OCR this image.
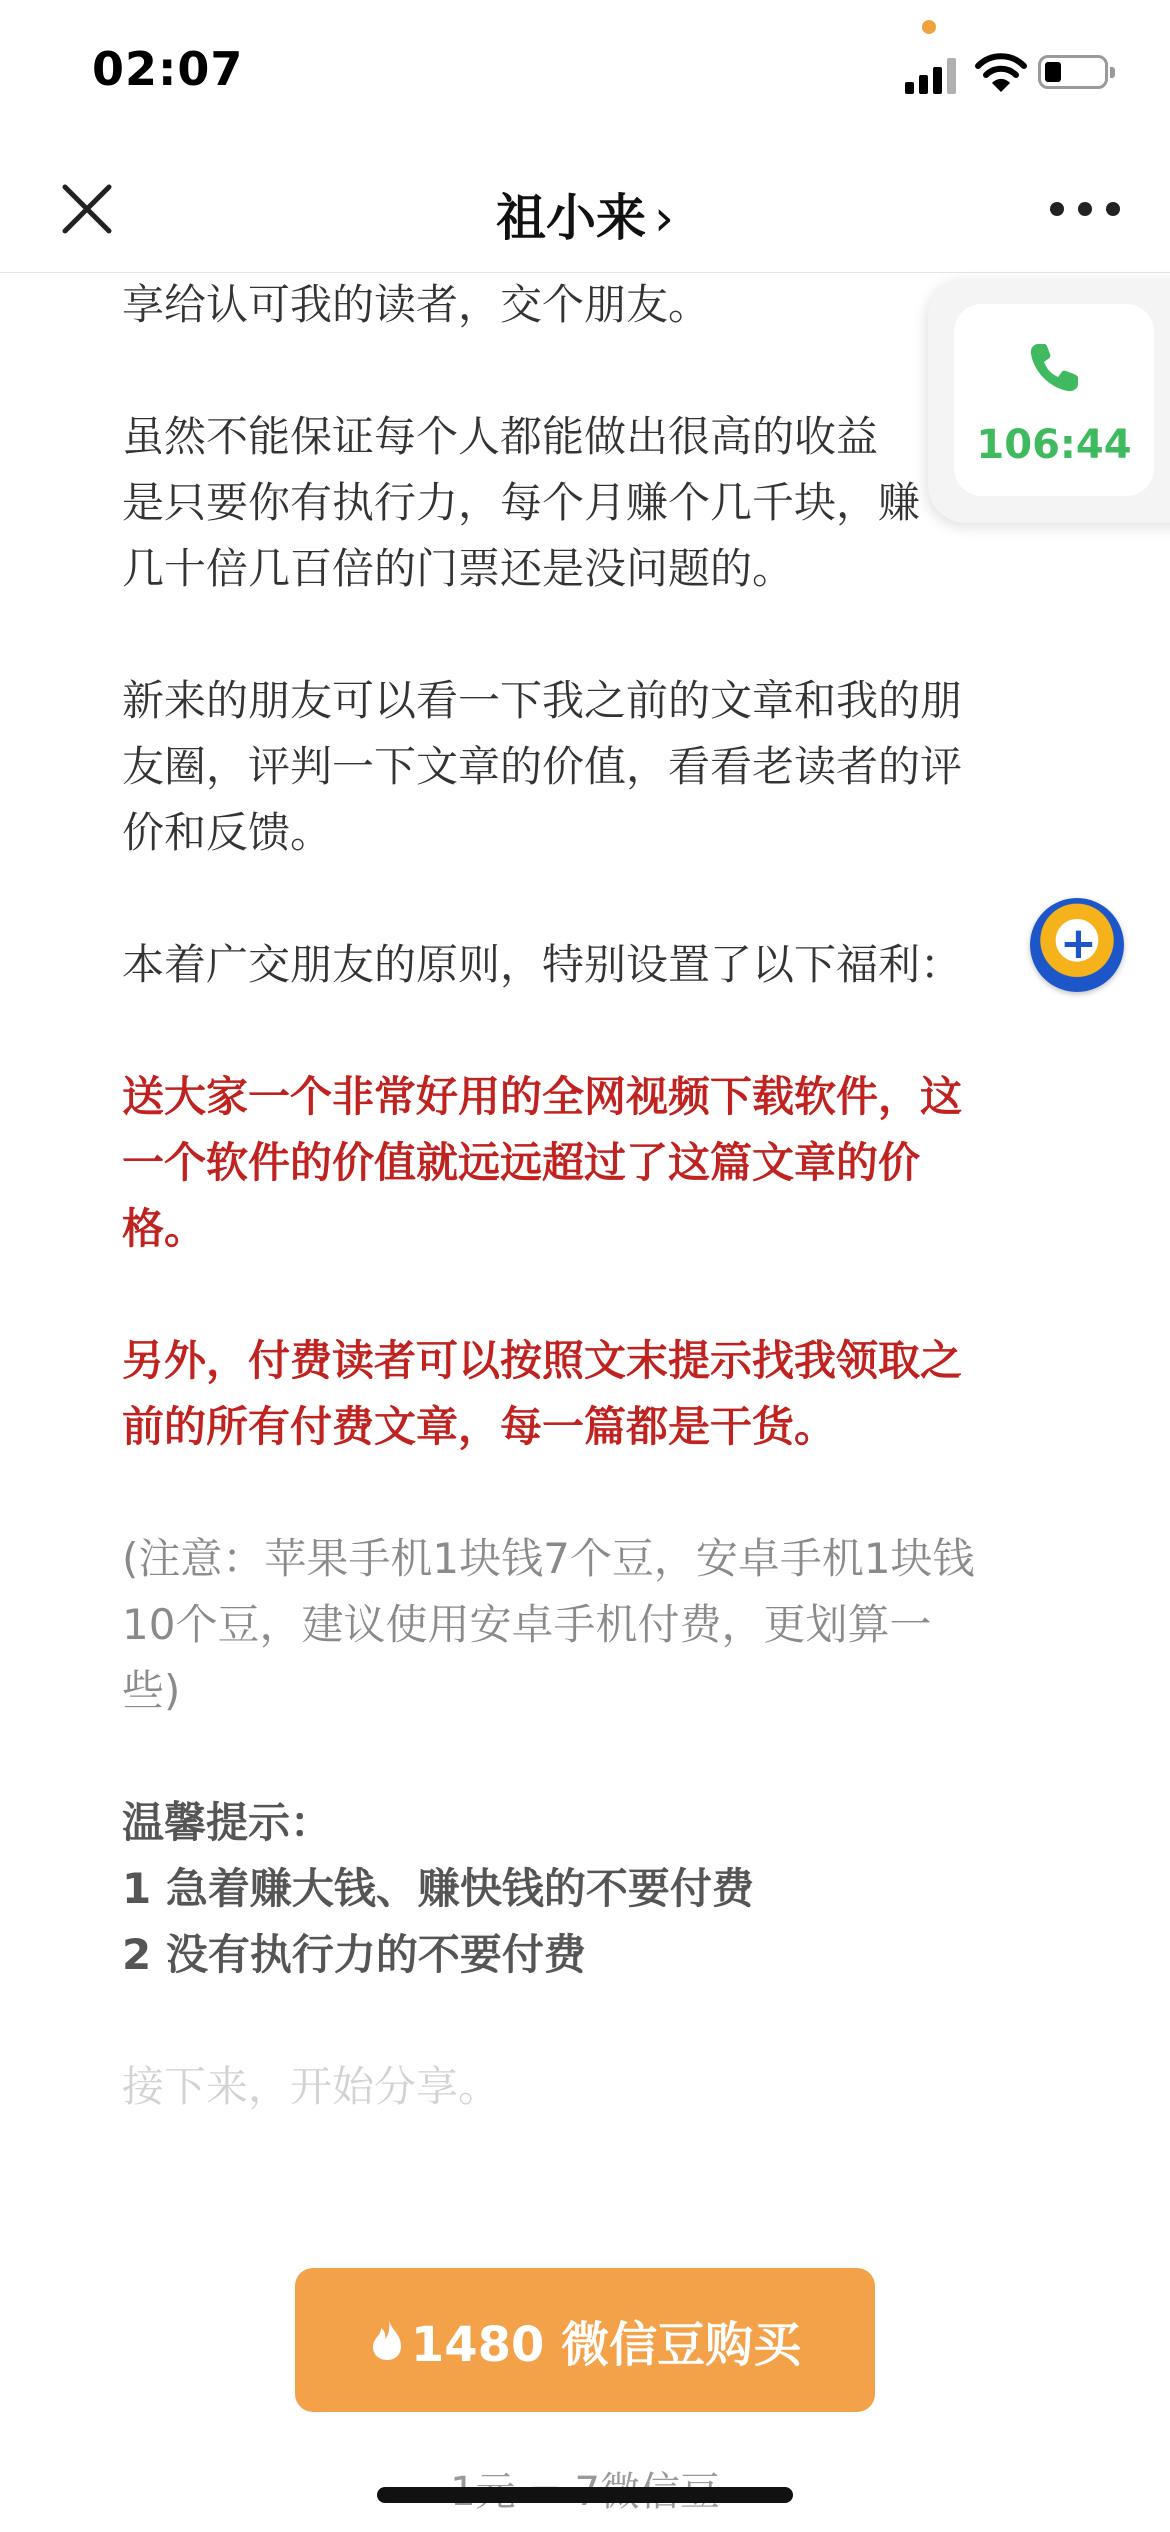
02:07
祖小来 ›

享给认可我的读者，交个朋友。

虽然不能保证每个人都能做出很高的收益

是只要你有执行力，每个月赚个几千块，赚

几十倍几百倍的门票还是没问题的。

新来的朋友可以看一下我之前的文章和我的朋

友圈，评判一下文章的价值，看看老读者的评

价和反馈。

本着广交朋友的原则，特别设置了以下福利：

送大家一个非常好用的全网视频下载软件，这

一个软件的价值就远远超过了这篇文章的价

格。

另外，付费读者可以按照文末提示找我领取之

前的所有付费文章，每一篇都是干货。

(注意：苹果手机1块钱7个豆，安卓手机1块钱

10个豆，建议使用安卓手机付费，更划算一

些)

温馨提示：

1 急着赚大钱、赚快钱的不要付费

2 没有执行力的不要付费

接下来，开始分享。

106:44
+
1480 微信豆购买
